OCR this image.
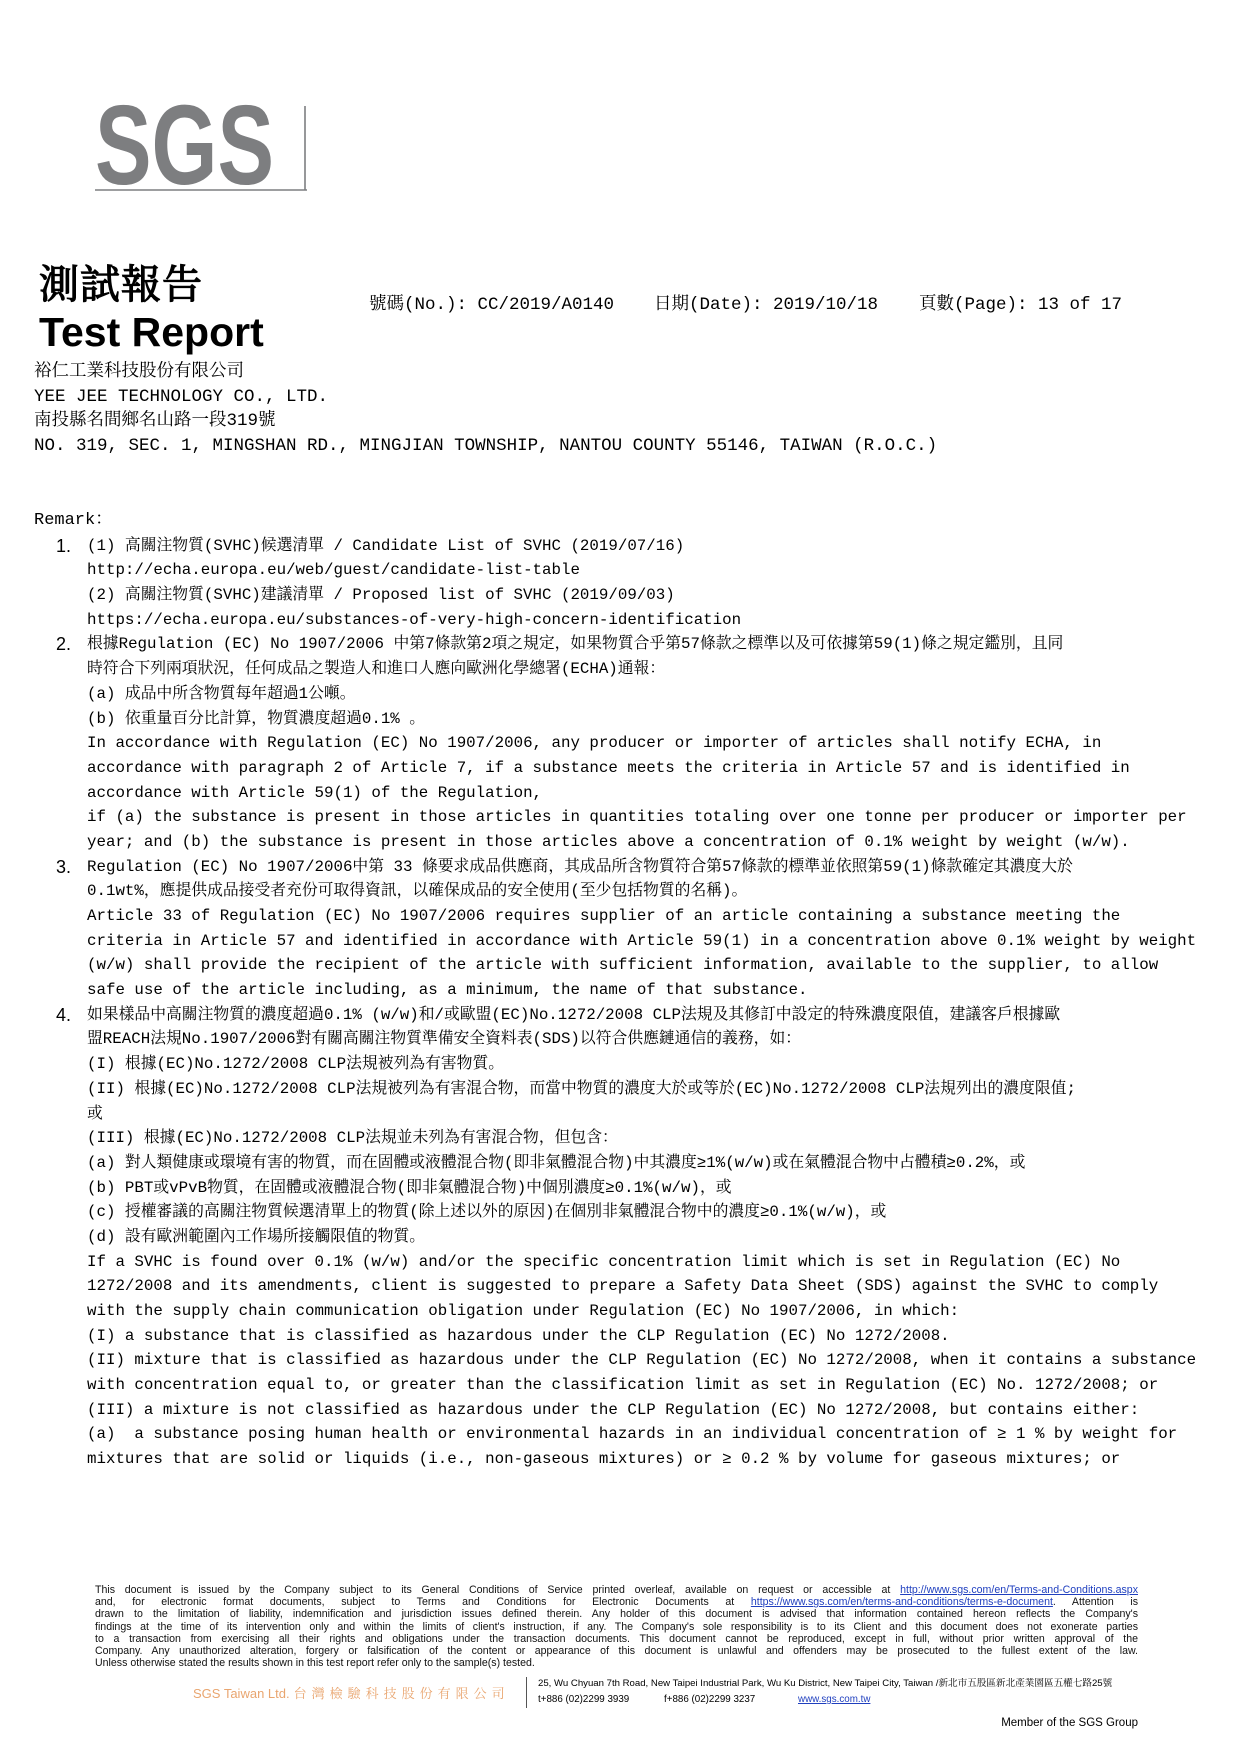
SGS
測試報告
Test Report
號碼(No.): CC/2019/A0140 日期(Date): 2019/10/18 頁數(Page): 13 of 17
裕仁工業科技股份有限公司
YEE JEE TECHNOLOGY CO., LTD.
南投縣名間鄉名山路一段319號
NO. 319, SEC. 1, MINGSHAN RD., MINGJIAN TOWNSHIP, NANTOU COUNTY 55146, TAIWAN (R.O.C.)
Remark：
1.	(1) 高關注物質(SVHC)候選清單 / Candidate List of SVHC (2019/07/16)
http://echa.europa.eu/web/guest/candidate-list-table
(2) 高關注物質(SVHC)建議清單 / Proposed list of SVHC (2019/09/03)
https://echa.europa.eu/substances-of-very-high-concern-identification
2.	根據Regulation (EC) No 1907/2006 中第7條款第2項之規定，如果物質合乎第57條款之標準以及可依據第59(1)條之規定鑑別，且同
時符合下列兩項狀況，任何成品之製造人和進口人應向歐洲化學總署(ECHA)通報：
(a) 成品中所含物質每年超過1公噸。
(b) 依重量百分比計算，物質濃度超過0.1% 。
In accordance with Regulation (EC) No 1907/2006, any producer or importer of articles shall notify ECHA, in
accordance with paragraph 2 of Article 7, if a substance meets the criteria in Article 57 and is identified in
accordance with Article 59(1) of the Regulation,
if (a) the substance is present in those articles in quantities totaling over one tonne per producer or importer per
year; and (b) the substance is present in those articles above a concentration of 0.1% weight by weight (w/w).
3.	Regulation (EC) No 1907/2006中第 33 條要求成品供應商，其成品所含物質符合第57條款的標準並依照第59(1)條款確定其濃度大於
0.1wt%，應提供成品接受者充份可取得資訊，以確保成品的安全使用(至少包括物質的名稱)。
Article 33 of Regulation (EC) No 1907/2006 requires supplier of an article containing a substance meeting the
criteria in Article 57 and identified in accordance with Article 59(1) in a concentration above 0.1% weight by weight
(w/w) shall provide the recipient of the article with sufficient information, available to the supplier, to allow
safe use of the article including, as a minimum, the name of that substance.
4.	如果樣品中高關注物質的濃度超過0.1% (w/w)和/或歐盟(EC)No.1272/2008 CLP法規及其修訂中設定的特殊濃度限值，建議客戶根據歐
盟REACH法規No.1907/2006對有關高關注物質準備安全資料表(SDS)以符合供應鏈通信的義務，如：
(I) 根據(EC)No.1272/2008 CLP法規被列為有害物質。
(II) 根據(EC)No.1272/2008 CLP法規被列為有害混合物，而當中物質的濃度大於或等於(EC)No.1272/2008 CLP法規列出的濃度限值;
或
(III) 根據(EC)No.1272/2008 CLP法規並未列為有害混合物，但包含：
(a) 對人類健康或環境有害的物質，而在固體或液體混合物(即非氣體混合物)中其濃度≥1%(w/w)或在氣體混合物中占體積≥0.2%，或
(b) PBT或vPvB物質，在固體或液體混合物(即非氣體混合物)中個別濃度≥0.1%(w/w)，或
(c) 授權審議的高關注物質候選清單上的物質(除上述以外的原因)在個別非氣體混合物中的濃度≥0.1%(w/w)，或
(d) 設有歐洲範圍內工作場所接觸限值的物質。
If a SVHC is found over 0.1% (w/w) and/or the specific concentration limit which is set in Regulation (EC) No
1272/2008 and its amendments, client is suggested to prepare a Safety Data Sheet (SDS) against the SVHC to comply
with the supply chain communication obligation under Regulation (EC) No 1907/2006, in which:
(I) a substance that is classified as hazardous under the CLP Regulation (EC) No 1272/2008.
(II) mixture that is classified as hazardous under the CLP Regulation (EC) No 1272/2008, when it contains a substance
with concentration equal to, or greater than the classification limit as set in Regulation (EC) No. 1272/2008; or
(III) a mixture is not classified as hazardous under the CLP Regulation (EC) No 1272/2008, but contains either:
(a)  a substance posing human health or environmental hazards in an individual concentration of ≥ 1 % by weight for
mixtures that are solid or liquids (i.e., non-gaseous mixtures) or ≥ 0.2 % by volume for gaseous mixtures; or
This document is issued by the Company subject to its General Conditions of Service printed overleaf, available on request or accessible at http://www.sgs.com/en/Terms-and-Conditions.aspx
and, for electronic format documents, subject to Terms and Conditions for Electronic Documents at https://www.sgs.com/en/terms-and-conditions/terms-e-document. Attention is
drawn to the limitation of liability, indemnification and jurisdiction issues defined therein. Any holder of this document is advised that information contained hereon reflects the Company's
findings at the time of its intervention only and within the limits of client's instruction, if any. The Company's sole responsibility is to its Client and this document does not exonerate parties
to a transaction from exercising all their rights and obligations under the transaction documents. This document cannot be reproduced, except in full, without prior written approval of the
Company. Any unauthorized alteration, forgery or falsification of the content or appearance of this document is unlawful and offenders may be prosecuted to the fullest extent of the law.
Unless otherwise stated the results shown in this test report refer only to the sample(s) tested.
SGS Taiwan Ltd. 台灣檢驗科技股份有限公司
25, Wu Chyuan 7th Road, New Taipei Industrial Park, Wu Ku District, New Taipei City, Taiwan /新北市五股區新北產業園區五權七路25號
t+886 (02)2299 3939	f+886 (02)2299 3237	www.sgs.com.tw
Member of the SGS Group
